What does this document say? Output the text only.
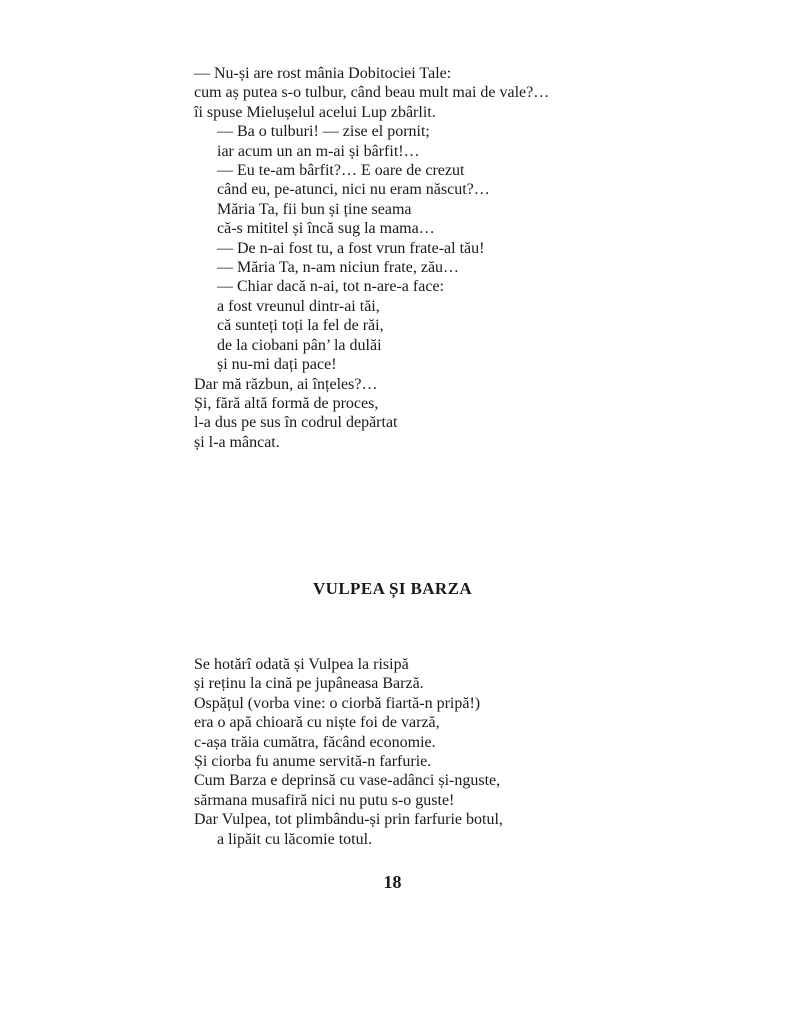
— Nu-și are rost mânia Dobitociei Tale:
cum aș putea s-o tulbur, când beau mult mai de vale?…
îi spuse Mielușelul acelui Lup zbârlit.
— Ba o tulburi! — zise el pornit;
iar acum un an m-ai și bârfit!…
— Eu te-am bârfit?… E oare de crezut
când eu, pe-atunci, nici nu eram născut?…
Măria Ta, fii bun și ține seama
că-s mititel și încă sug la mama…
— De n-ai fost tu, a fost vrun frate-al tău!
— Măria Ta, n-am niciun frate, zău…
— Chiar dacă n-ai, tot n-are-a face:
a fost vreunul dintr-ai tăi,
că sunteți toți la fel de răi,
de la ciobani pân’ la dulăi
și nu-mi dați pace!
Dar mă răzbun, ai înțeles?…
Și, fără altă formă de proces,
l-a dus pe sus în codrul depărtat
și l-a mâncat.
VULPEA ȘI BARZA
Se hotărî odată și Vulpea la risipă
și reținu la cină pe jupâneasa Barză.
Ospățul (vorba vine: o ciorbă fiartă-n pripă!)
era o apă chioară cu niște foi de varză,
c-așa trăia cumătra, făcând economie.
Și ciorba fu anume servită-n farfurie.
Cum Barza e deprinsă cu vase-adânci și-nguste,
sărmana musafiră nici nu putu s-o guste!
Dar Vulpea, tot plimbându-și prin farfurie botul,
a lipăit cu lăcomie totul.
18
